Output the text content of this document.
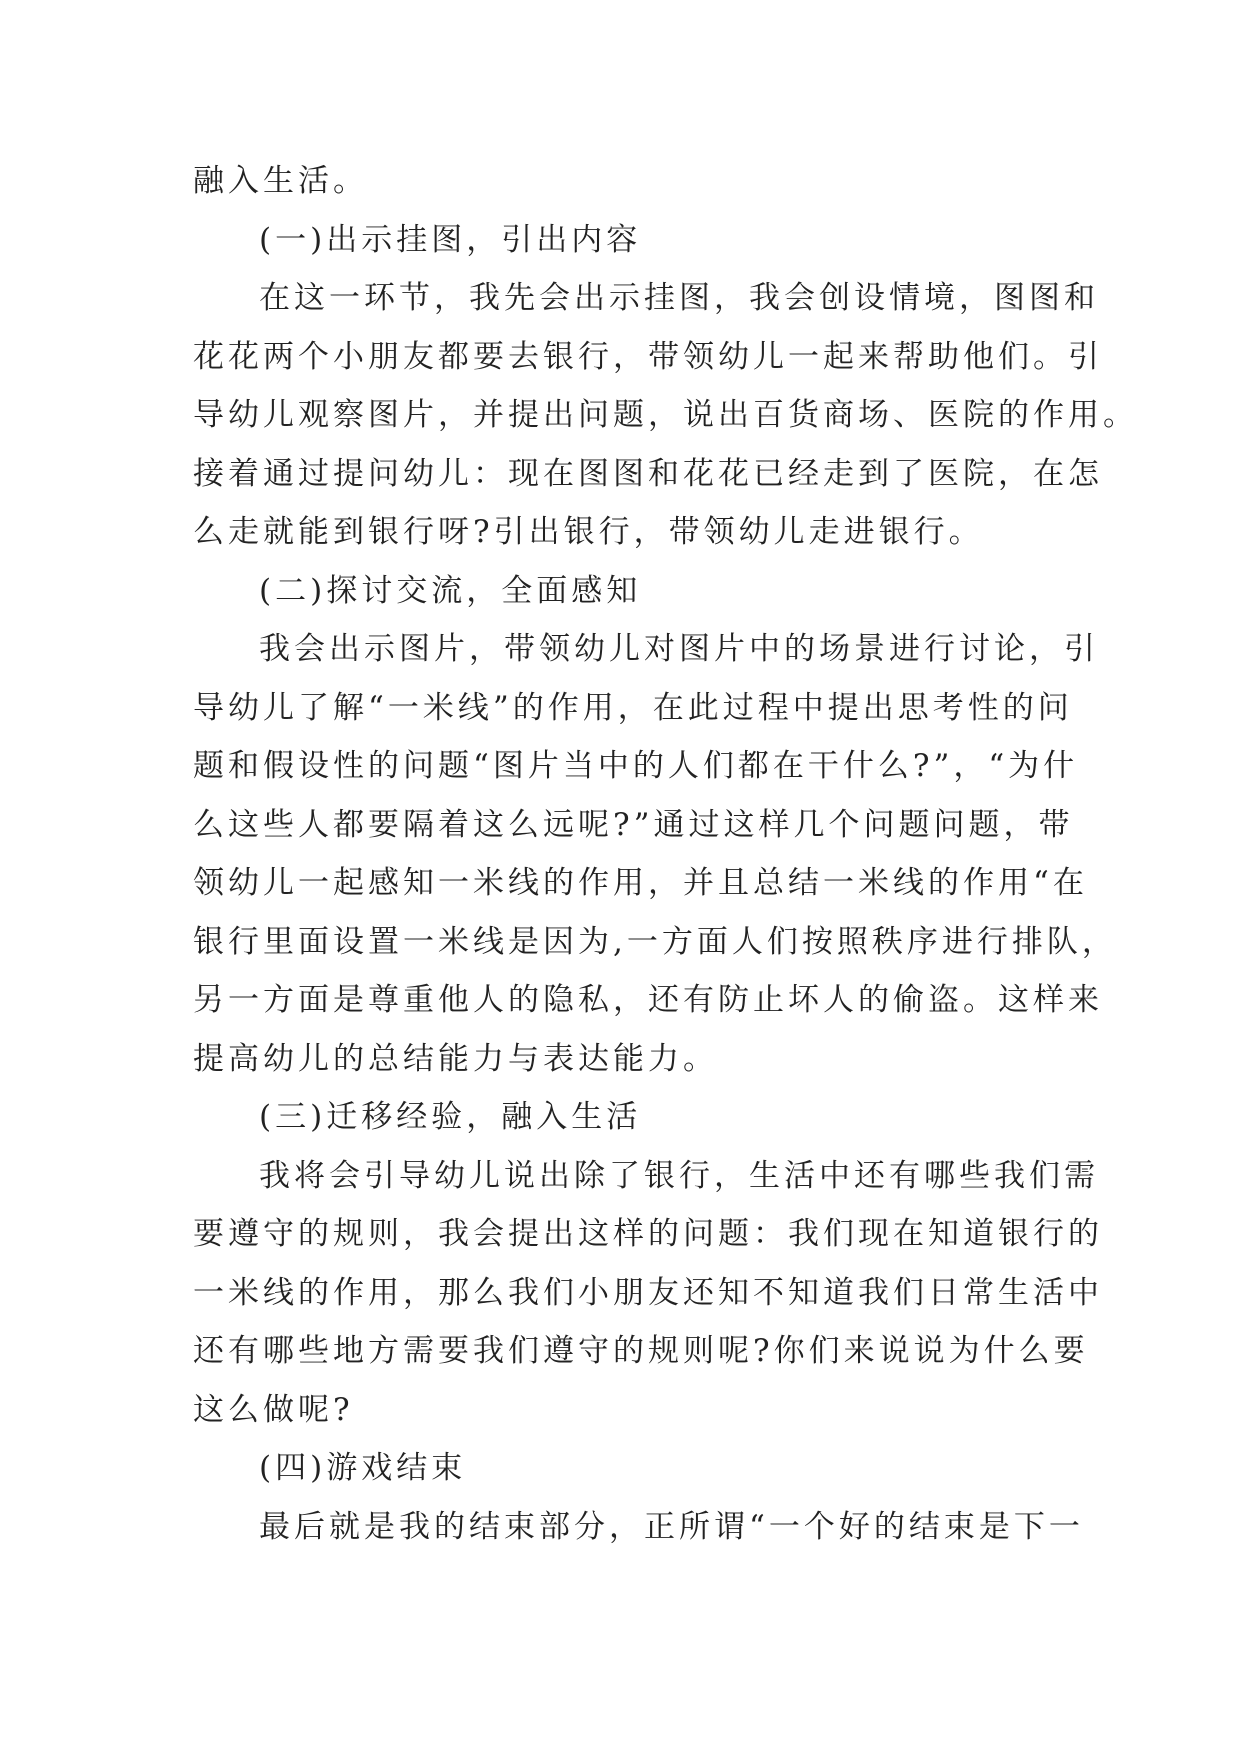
融入生活。
(一)出示挂图，引出内容
在这一环节，我先会出示挂图，我会创设情境，图图和
花花两个小朋友都要去银行，带领幼儿一起来帮助他们。引
导幼儿观察图片，并提出问题，说出百货商场、医院的作用。
接着通过提问幼儿：现在图图和花花已经走到了医院，在怎
么走就能到银行呀?引出银行，带领幼儿走进银行。
(二)探讨交流，全面感知
我会出示图片，带领幼儿对图片中的场景进行讨论，引
导幼儿了解“一米线”的作用，在此过程中提出思考性的问
题和假设性的问题“图片当中的人们都在干什么?”，“为什
么这些人都要隔着这么远呢?”通过这样几个问题问题，带
领幼儿一起感知一米线的作用，并且总结一米线的作用“在
银行里面设置一米线是因为,一方面人们按照秩序进行排队，
另一方面是尊重他人的隐私，还有防止坏人的偷盗。这样来
提高幼儿的总结能力与表达能力。
(三)迁移经验，融入生活
我将会引导幼儿说出除了银行，生活中还有哪些我们需
要遵守的规则，我会提出这样的问题：我们现在知道银行的
一米线的作用，那么我们小朋友还知不知道我们日常生活中
还有哪些地方需要我们遵守的规则呢?你们来说说为什么要
这么做呢?
(四)游戏结束
最后就是我的结束部分，正所谓“一个好的结束是下一
